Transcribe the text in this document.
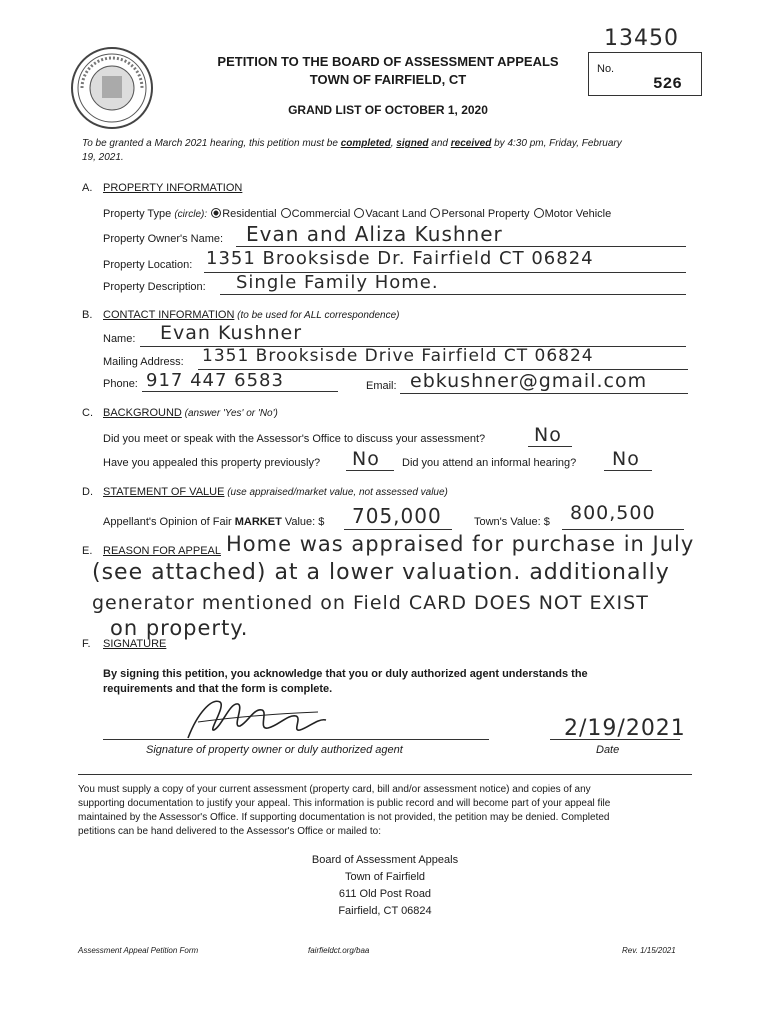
13450
PETITION TO THE BOARD OF ASSESSMENT APPEALS
TOWN OF FAIRFIELD, CT
No.
526
GRAND LIST OF OCTOBER 1, 2020
To be granted a March 2021 hearing, this petition must be completed, signed and received by 4:30 pm, Friday, February
19, 2021.
A. PROPERTY INFORMATION
Property Type (circle): Residential Commercial Vacant Land Personal Property Motor Vehicle
Property Owner's Name: Evan and Aliza Kushner
Property Location: 1351 Brooksisde Dr. Fairfield CT 06824
Property Description: Single Family Home.
B. CONTACT INFORMATION (to be used for ALL correspondence)
Name: Evan Kushner
Mailing Address: 1351 Brooksisde Drive Fairfield CT 06824
Phone: 917 447 6583	Email: ebkushner@gmail.com
C. BACKGROUND (answer 'Yes' or 'No')
Did you meet or speak with the Assessor's Office to discuss your assessment?	No
Have you appealed this property previously? No Did you attend an informal hearing? No
D. STATEMENT OF VALUE (use appraised/market value, not assessed value)
Appellant's Opinion of Fair MARKET Value: $ 705,000	Town's Value: $ 800,500
E. REASON FOR APPEAL Home was appraised for purchase in July
(see attached) at a lower valuation. additionally
generator mentioned on Field CARD DOES NOT EXIST
on property.
F. SIGNATURE
By signing this petition, you acknowledge that you or duly authorized agent understands the
requirements and that the form is complete.
Signature of property owner or duly authorized agent
2/19/2021
Date
You must supply a copy of your current assessment (property card, bill and/or assessment notice) and copies of any
supporting documentation to justify your appeal. This information is public record and will become part of your appeal file
maintained by the Assessor's Office. If supporting documentation is not provided, the petition may be denied. Completed
petitions can be hand delivered to the Assessor's Office or mailed to:
Board of Assessment Appeals
Town of Fairfield
611 Old Post Road
Fairfield, CT 06824
Assessment Appeal Petition Form	fairfieldct.org/baa	Rev. 1/15/2021
